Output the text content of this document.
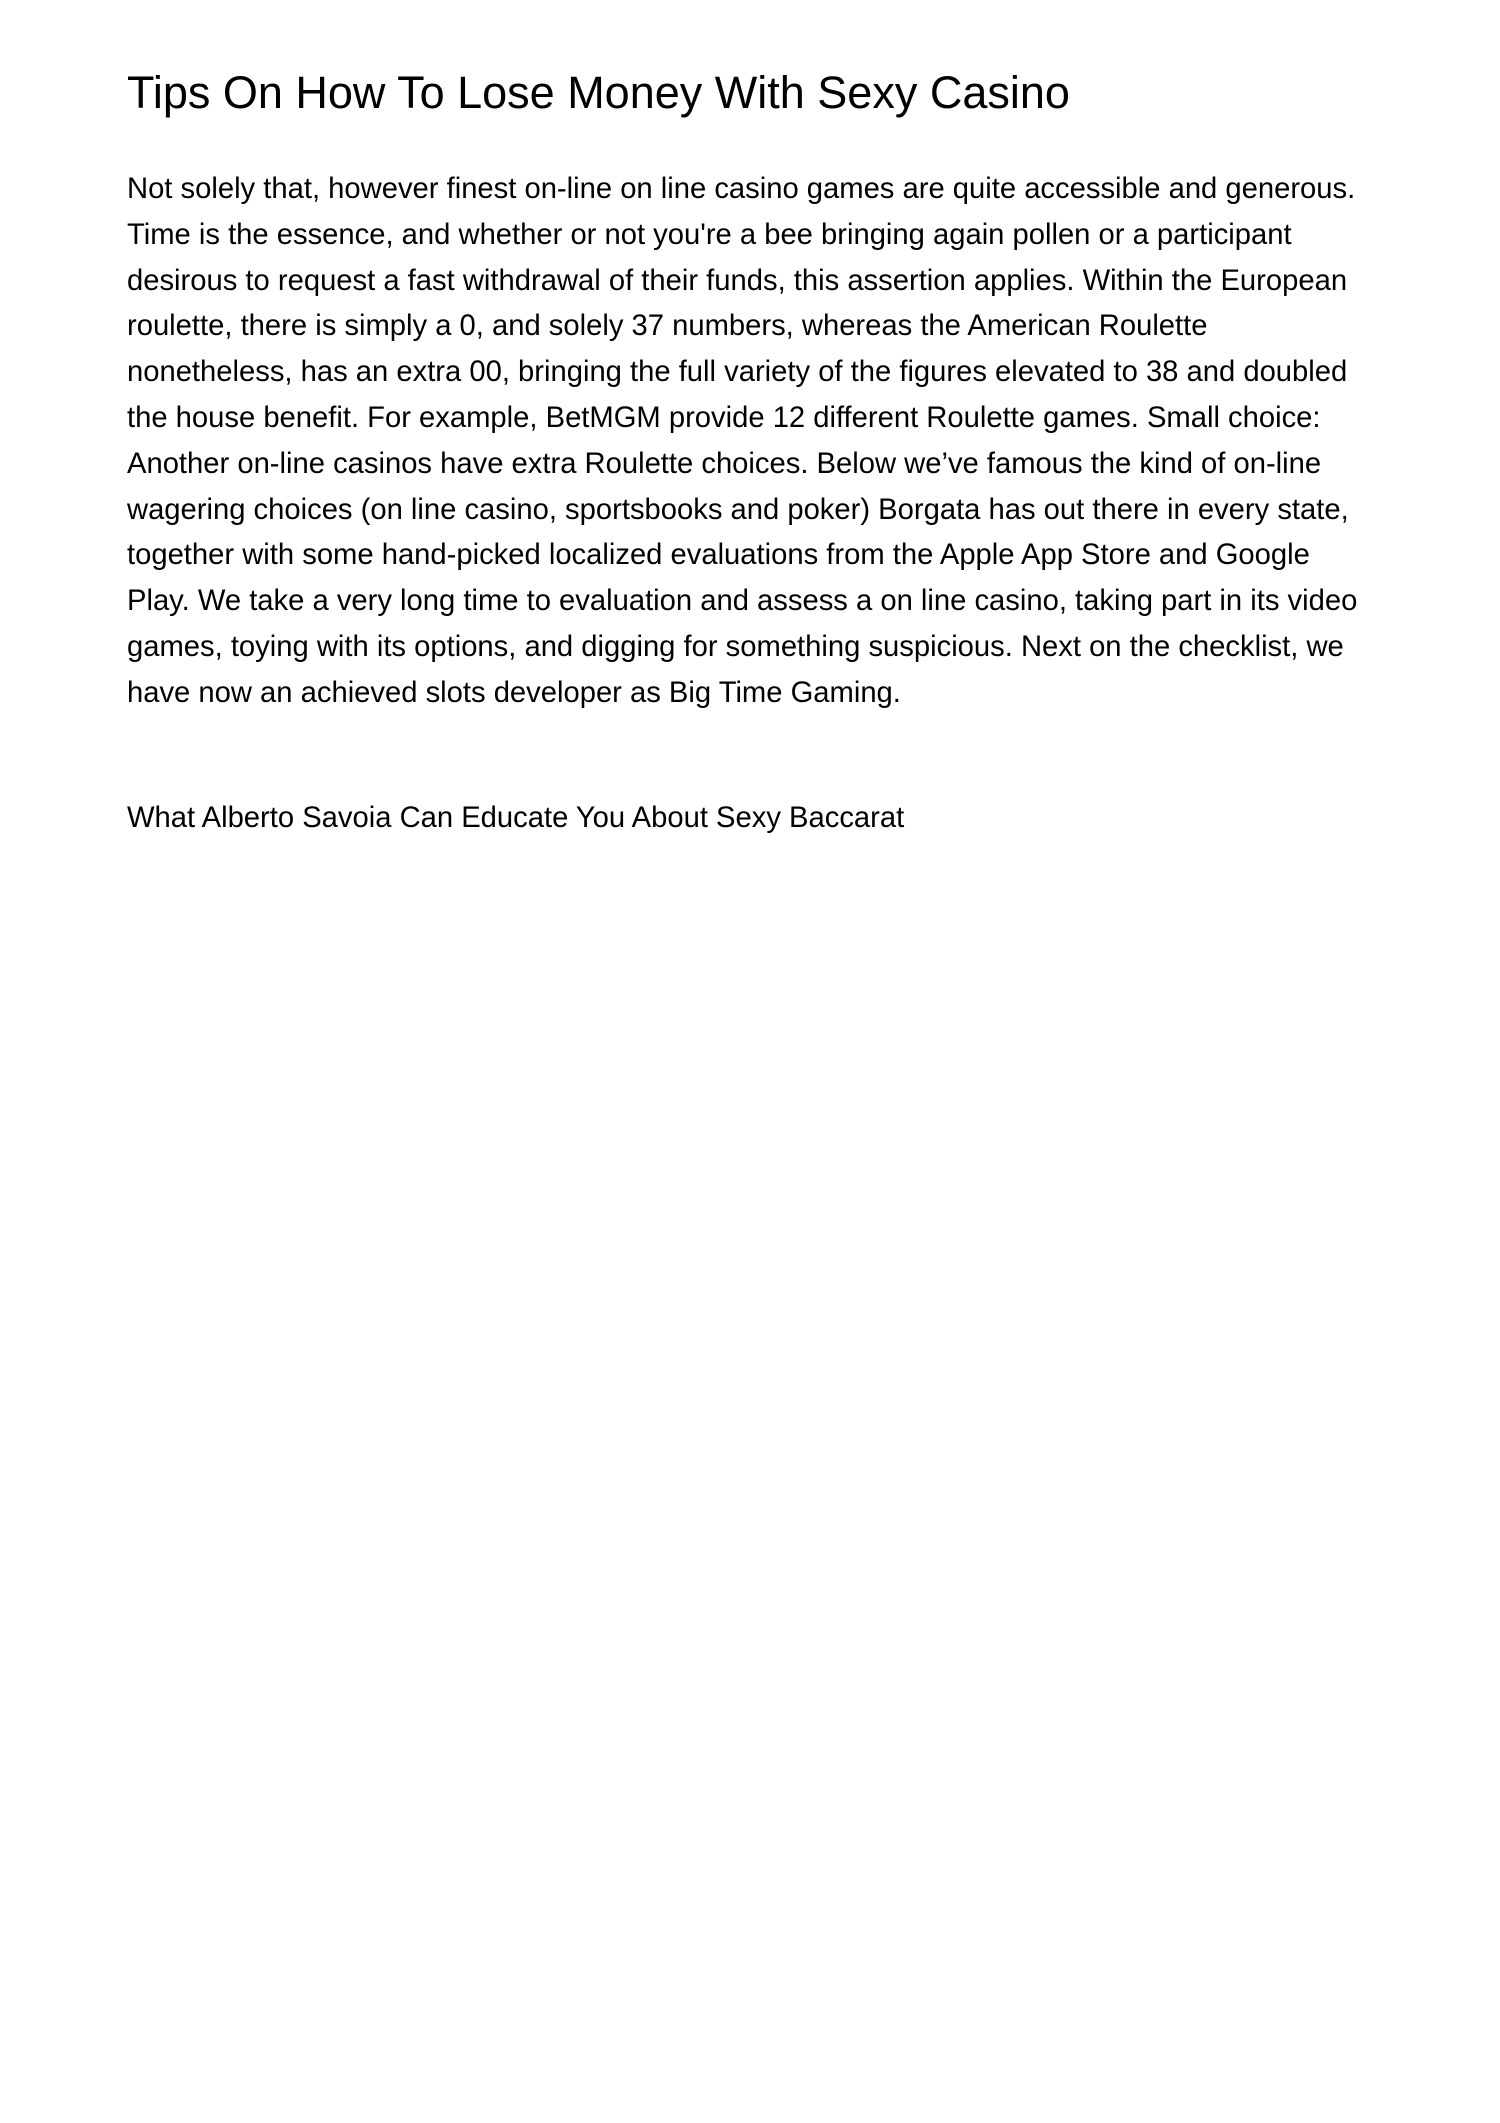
Tips On How To Lose Money With Sexy Casino

Not solely that, however finest on-line on line casino games are quite accessible and generous. Time is the essence, and whether or not you're a bee bringing again pollen or a participant desirous to request a fast withdrawal of their funds, this assertion applies. Within the European roulette, there is simply a 0, and solely 37 numbers, whereas the American Roulette nonetheless, has an extra 00, bringing the full variety of the figures elevated to 38 and doubled the house benefit. For example, BetMGM provide 12 different Roulette games. Small choice: Another on-line casinos have extra Roulette choices. Below we’ve famous the kind of on-line wagering choices (on line casino, sportsbooks and poker) Borgata has out there in every state, together with some hand-picked localized evaluations from the Apple App Store and Google Play. We take a very long time to evaluation and assess a on line casino, taking part in its video games, toying with its options, and digging for something suspicious. Next on the checklist, we have now an achieved slots developer as Big Time Gaming.

What Alberto Savoia Can Educate You About Sexy Baccarat
